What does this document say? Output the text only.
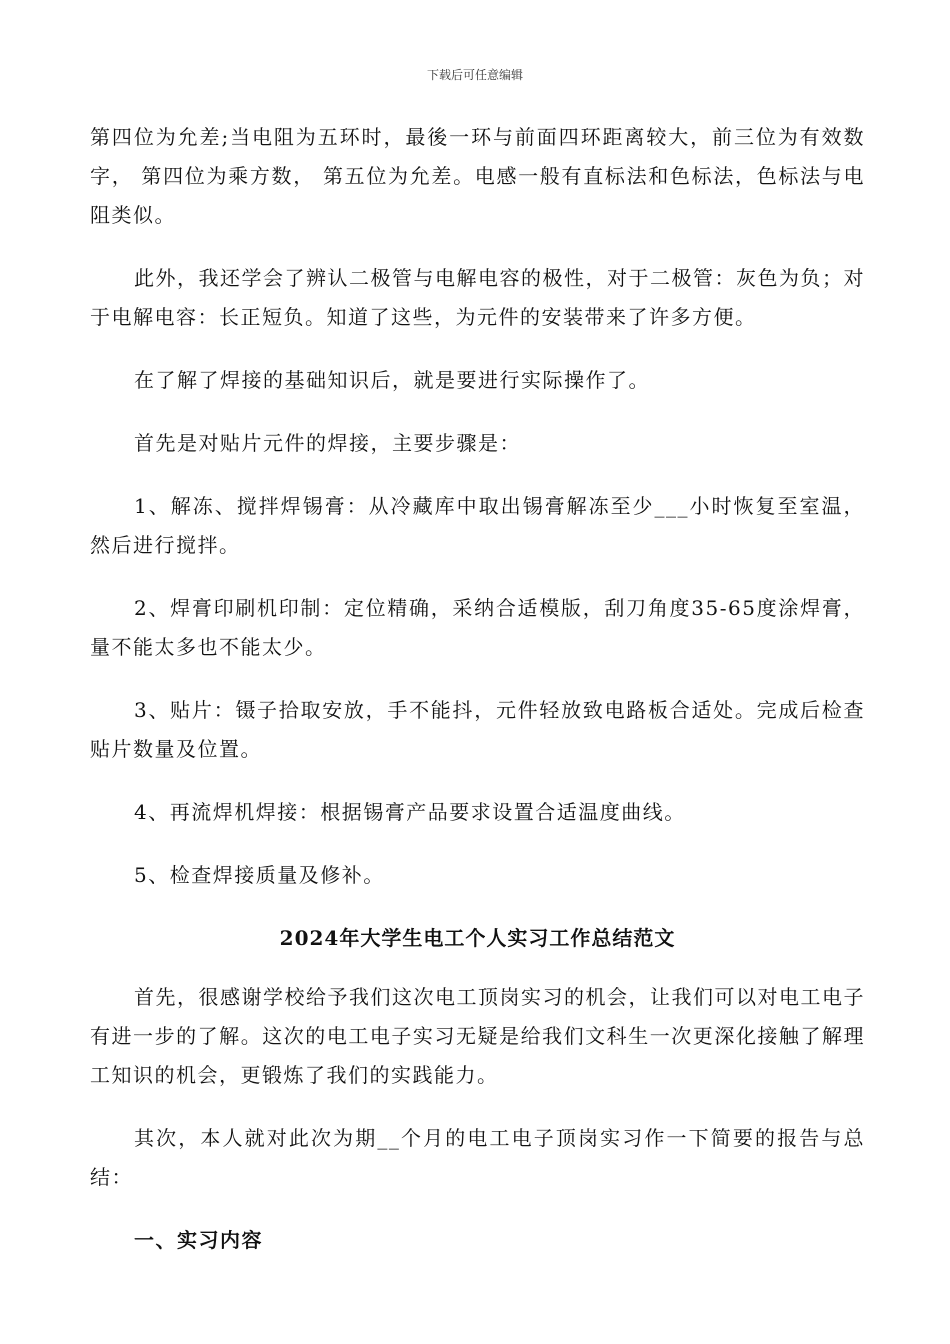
下载后可任意编辑

第四位为允差;当电阻为五环时，最後一环与前面四环距离较大，前三位为有效数字， 第四位为乘方数， 第五位为允差。电感一般有直标法和色标法，色标法与电阻类似。

此外，我还学会了辨认二极管与电解电容的极性，对于二极管：灰色为负；对于电解电容：长正短负。知道了这些，为元件的安装带来了许多方便。

在了解了焊接的基础知识后，就是要进行实际操作了。

首先是对贴片元件的焊接，主要步骤是：

1、解冻、搅拌焊锡膏：从冷藏库中取出锡膏解冻至少___小时恢复至室温，然后进行搅拌。

2、焊膏印刷机印制：定位精确，采纳合适模版，刮刀角度35-65度涂焊膏，量不能太多也不能太少。

3、贴片：镊子拾取安放，手不能抖，元件轻放致电路板合适处。完成后检查贴片数量及位置。

4、再流焊机焊接：根据锡膏产品要求设置合适温度曲线。

5、检查焊接质量及修补。

2024年大学生电工个人实习工作总结范文

首先，很感谢学校给予我们这次电工顶岗实习的机会，让我们可以对电工电子有进一步的了解。这次的电工电子实习无疑是给我们文科生一次更深化接触了解理工知识的机会，更锻炼了我们的实践能力。

其次，本人就对此次为期__个月的电工电子顶岗实习作一下简要的报告与总结：

一、实习内容
